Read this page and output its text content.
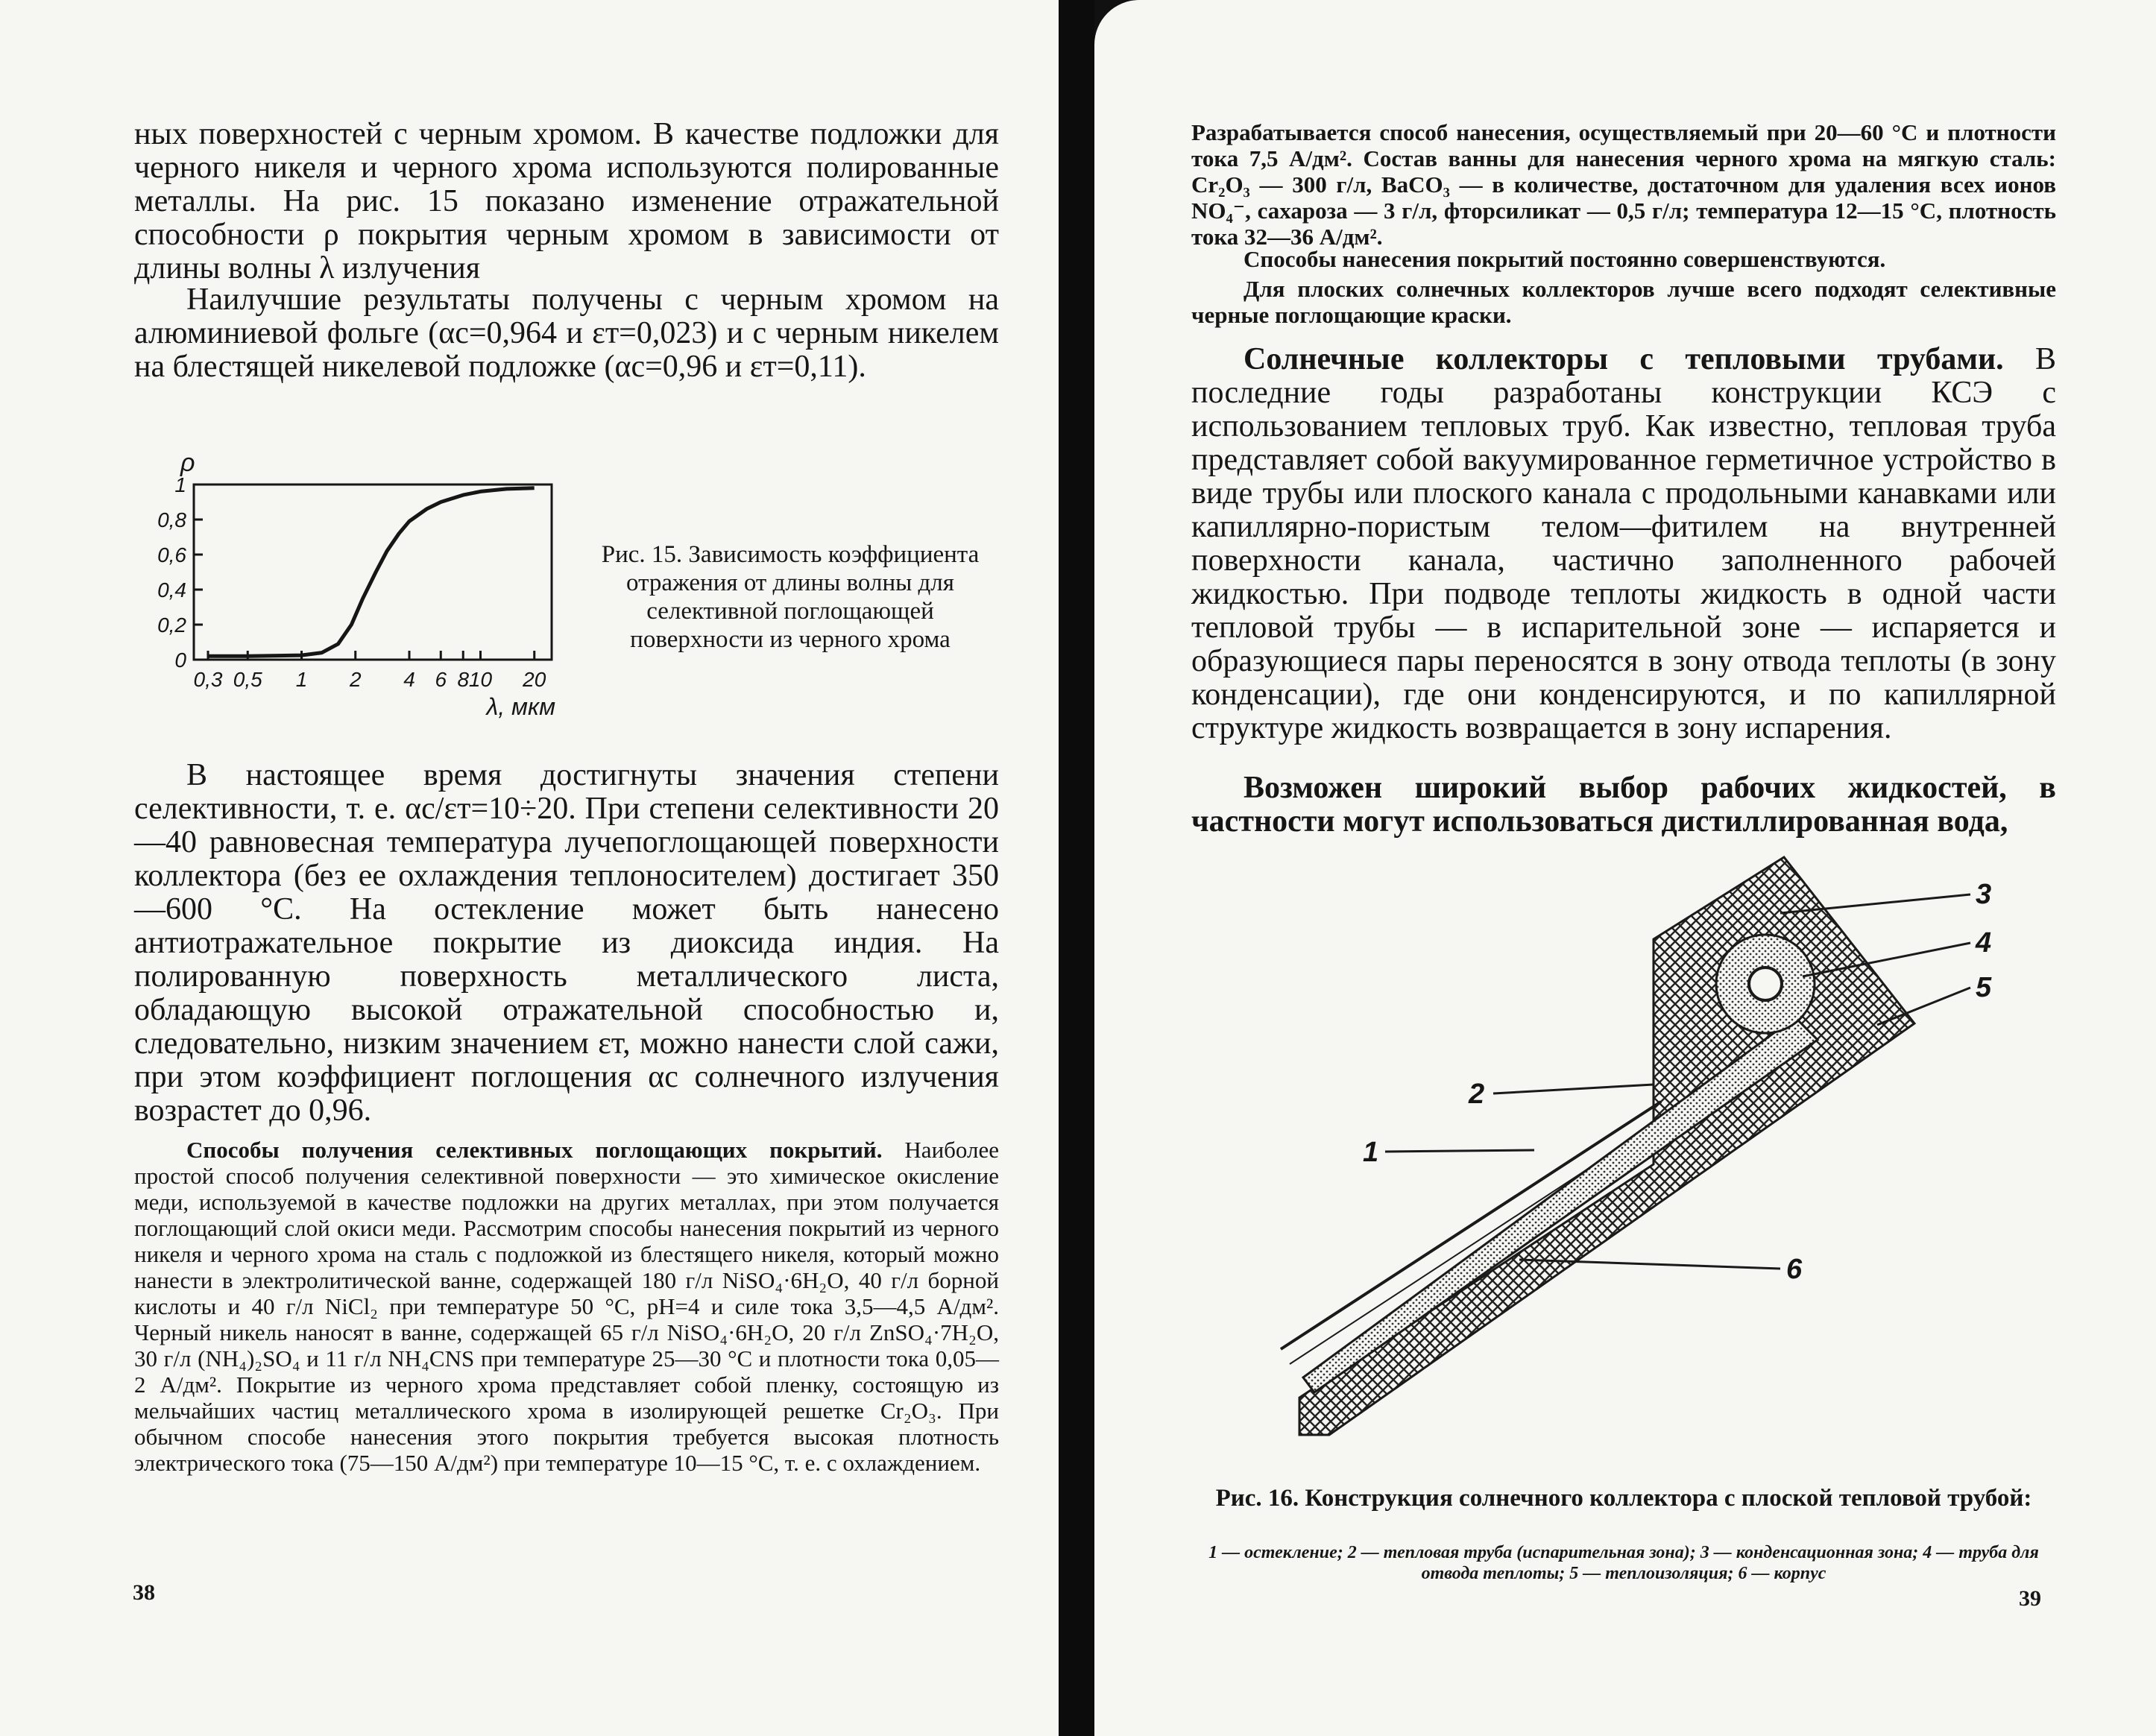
ных поверхностей с черным хромом. В качестве подложки для черного никеля и черного хрома используются полированные металлы. На рис. 15 показано изменение отражательной способности ρ покрытия черным хромом в зависимости от длины волны λ излучения

Наилучшие результаты получены с черным хромом на алюминиевой фольге (αс=0,964 и εт=0,023) и с черным никелем на блестящей никелевой подложке (αс=0,96 и εт=0,11).

0
0,2
0,4
0,6
0,8
1
0,3 0,5 1 2 4 6 8 10 20
ρ
λ, мкм

Рис. 15. Зависимость коэффициента отражения от длины волны для селективной поглощающей поверхности из черного хрома

В настоящее время достигнуты значения степени селективности, т. е. αс/εт=10÷20. При степени селективности 20—40 равновесная температура лучепоглощающей поверхности коллектора (без ее охлаждения теплоносителем) достигает 350—600 °C. На остекление может быть нанесено антиотражательное покрытие из диоксида индия. На полированную поверхность металлического листа, обладающую высокой отражательной способностью и, следовательно, низким значением εт, можно нанести слой сажи, при этом коэффициент поглощения αс солнечного излучения возрастет до 0,96.

Способы получения селективных поглощающих покрытий. Наиболее простой способ получения селективной поверхности — это химическое окисление меди, используемой в качестве подложки на других металлах, при этом получается поглощающий слой окиси меди. Рассмотрим способы нанесения покрытий из черного никеля и черного хрома на сталь с подложкой из блестящего никеля, который можно нанести в электролитической ванне, содержащей 180 г/л NiSO₄·6H₂O, 40 г/л борной кислоты и 40 г/л NiCl₂ при температуре 50 °C, pH=4 и силе тока 3,5—4,5 А/дм². Черный никель наносят в ванне, содержащей 65 г/л NiSO₄·6H₂O, 20 г/л ZnSO₄·7H₂O, 30 г/л (NH₄)₂SO₄ и 11 г/л NH₄CNS при температуре 25—30 °C и плотности тока 0,05—2 А/дм². Покрытие из черного хрома представляет собой пленку, состоящую из мельчайших частиц металлического хрома в изолирующей решетке Cr₂O₃. При обычном способе нанесения этого покрытия требуется высокая плотность электрического тока (75—150 А/дм²) при температуре 10—15 °C, т. е. с охлаждением.

38

Разрабатывается способ нанесения, осуществляемый при 20—60 °C и плотности тока 7,5 А/дм². Состав ванны для нанесения черного хрома на мягкую сталь: Cr₂O₃ — 300 г/л, BaCO₃ — в количестве, достаточном для удаления всех ионов NO₄⁻, сахароза — 3 г/л, фторсиликат — 0,5 г/л; температура 12—15 °C, плотность тока 32—36 А/дм².

Способы нанесения покрытий постоянно совершенствуются.

Для плоских солнечных коллекторов лучше всего подходят селективные черные поглощающие краски.

Солнечные коллекторы с тепловыми трубами. В последние годы разработаны конструкции КСЭ с использованием тепловых труб. Как известно, тепловая труба представляет собой вакуумированное герметичное устройство в виде трубы или плоского канала с продольными канавками или капиллярно-пористым телом—фитилем на внутренней поверхности канала, частично заполненного рабочей жидкостью. При подводе теплоты жидкость в одной части тепловой трубы — в испарительной зоне — испаряется и образующиеся пары переносятся в зону отвода теплоты (в зону конденсации), где они конденсируются, и по капиллярной структуре жидкость возвращается в зону испарения.

Возможен широкий выбор рабочих жидкостей, в частности могут использоваться дистиллированная вода,

3
4
5
2
1
6

Рис. 16. Конструкция солнечного коллектора с плоской тепловой трубой:

1 — остекление; 2 — тепловая труба (испарительная зона); 3 — конденсационная зона; 4 — труба для отвода теплоты; 5 — теплоизоляция; 6 — корпус

39
